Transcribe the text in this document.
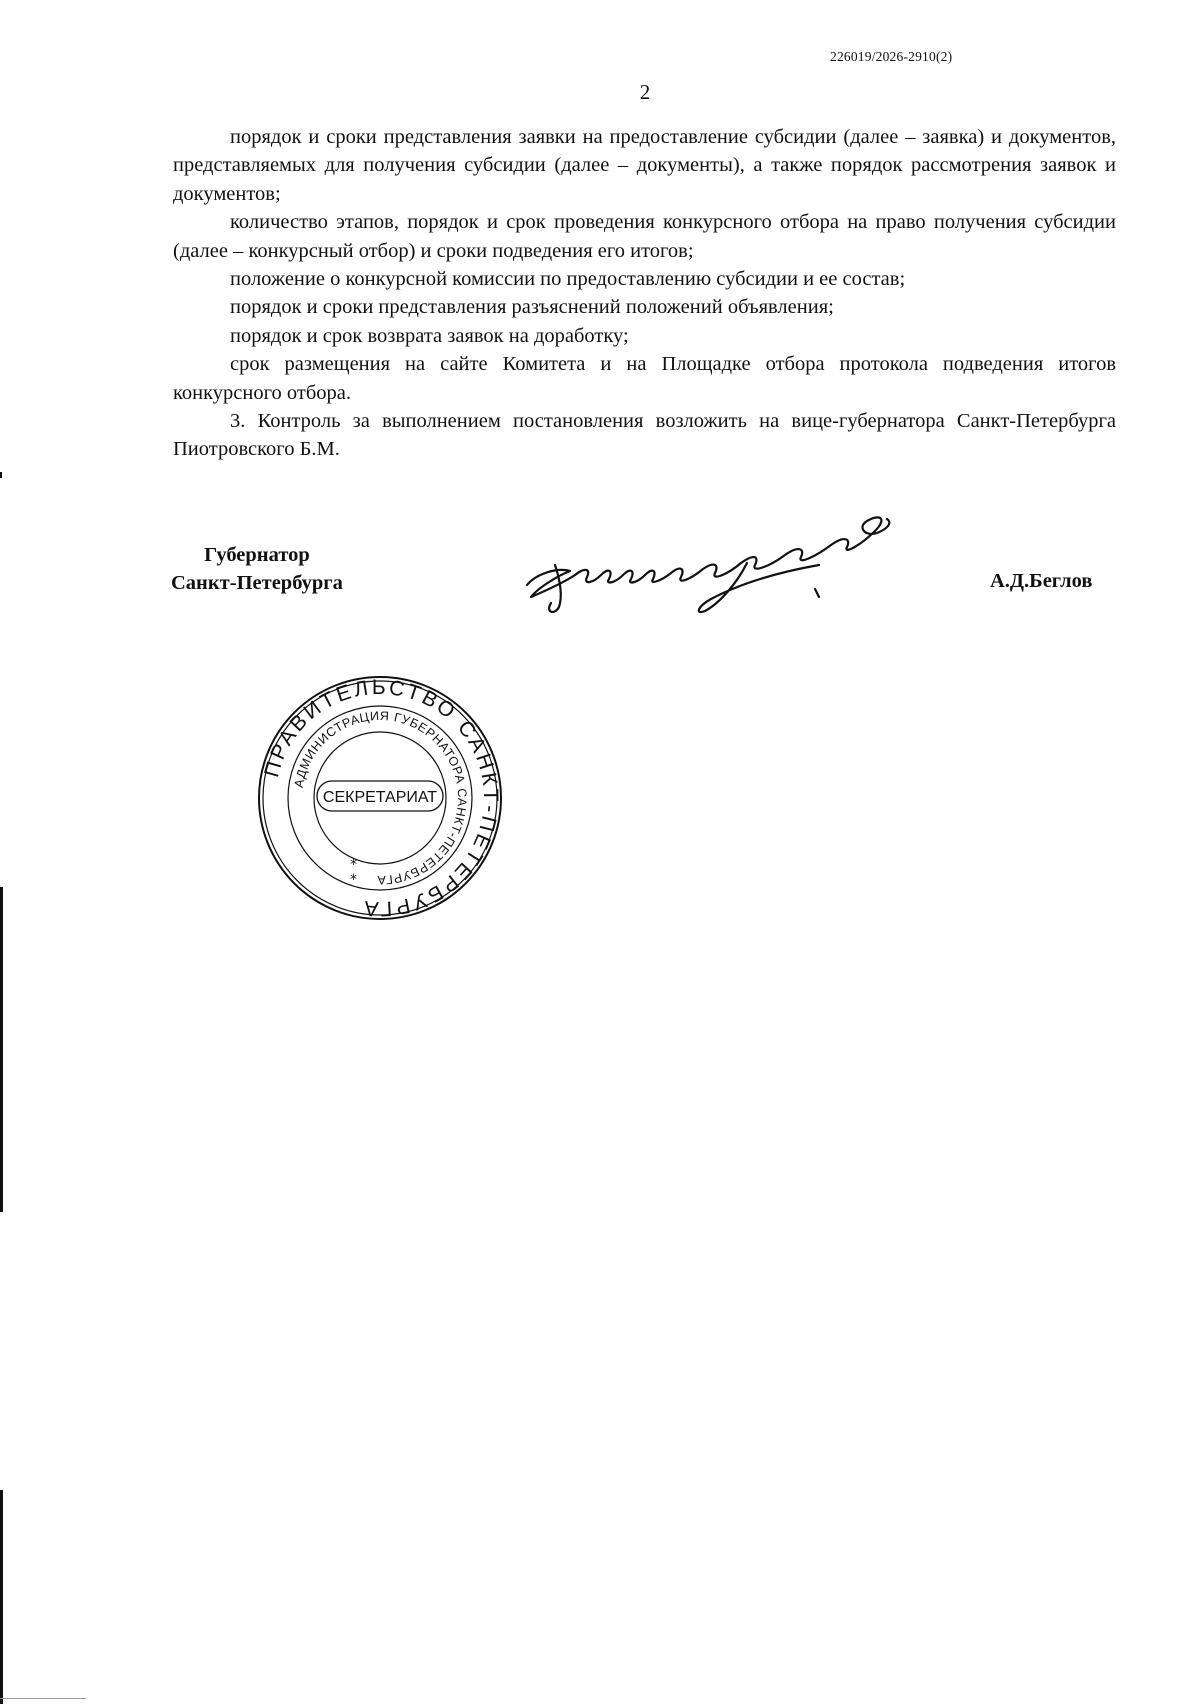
226019/2026-2910(2)
2

порядок и сроки представления заявки на предоставление субсидии (далее – заявка) и документов, представляемых для получения субсидии (далее – документы), а также порядок рассмотрения заявок и документов;

количество этапов, порядок и срок проведения конкурсного отбора на право получения субсидии (далее – конкурсный отбор) и сроки подведения его итогов;

положение о конкурсной комиссии по предоставлению субсидии и ее состав;

порядок и сроки представления разъяснений положений объявления;

порядок и срок возврата заявок на доработку;

срок размещения на сайте Комитета и на Площадке отбора протокола подведения итогов конкурсного отбора.

3. Контроль за выполнением постановления возложить на вице-губернатора Санкт-Петербурга Пиотровского Б.М.

Губернатор
Санкт-Петербурга	А.Д.Беглов
ПРАВИТЕЛЬСТВО САНКТ-ПЕТЕРБУРГА
АДМИНИСТРАЦИЯ ГУБЕРНАТОРА САНКТ-ПЕТЕРБУРГА
СЕКРЕТАРИАТ
*
*
